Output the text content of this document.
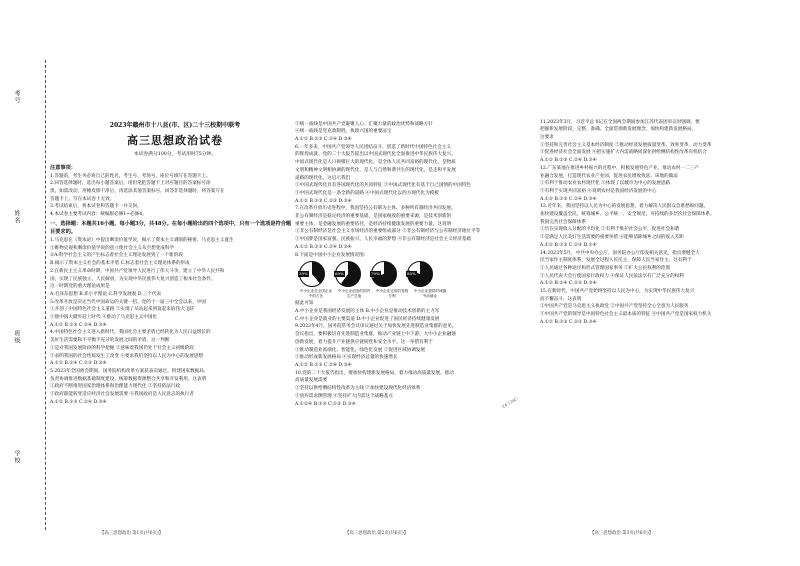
考号
姓名
班级
学校
2023年赣州市十八县(市、区)二十三校期中联考
高三思想政治试卷
本试卷满分100分，考试用时75分钟。
注意事项：
1.答题前，考生务必将自己的姓名、考生号、考场号、座位号填写在答题卡上。
2.回答选择题时，选出每小题答案后，用铅笔把答题卡上对应题目的答案标号涂
黑。如需改动，用橡皮擦干净后，再选涂其他答案标号。回答非选择题时，将答案写在
答题卡上。写在本试卷上无效。
3.考试结束后，将本试卷和答题卡一并交回。
4.本试卷主要考试内容：统编版必修1~必修4。
一、选择题：本题共16小题，每小题3分，共48分。在每小题给出的四个选项中，只有一个选项是符合题目要求的。
1.马克思在《资本论》中提出剩余价值学说，揭示了资本主义剥削的秘密。马克思主义诞生
①唯物史观和剩余价值学说的创立使社会主义从空想变成科学
②A.科学社会主义的产生标志着社会主义理论发展到了一个新阶段
B.揭示了资本主义社会的基本矛盾 C.标志着社会主义理论体系的形成
2.在新民主主义革命时期，中国共产党领导人民进行了伟大斗争，建立了中华人民共和
国，实现了民族独立、人民解放，为实现中华民族伟大复兴创造了根本社会条件。
这一时期党的重大理论成果是
A.毛泽东思想 B.邓小平理论 C.科学发展观 D.三个代表
3.改革开放是决定当代中国命运的关键一招。党的十一届三中全会以来，中国
①开创了中国特色社会主义道路 ②实现了从站起来到富起来的伟大飞跃
③使中国大踏步赶上时代 ④推动了马克思主义中国化
A.①② B.①③ C.②④ D.③④
4.中国特色社会主义进入新时代，我国社会主要矛盾已经转化为人民日益增长的
美好生活需要和不平衡不充分的发展之间的矛盾。这一判断
①是对我国发展阶段的科学把握 ②意味着我国仍处于社会主义初级阶段
③表明我国的社会性质发生了改变 ④要求我们坚持以人民为中心的发展思想
A.①② B.①④ C.②③ D.③④
5.2023年全国两会期间，国务院机构改革方案获表决通过。组建国家数据局，
负责协调推进数据基础制度建设，统筹数据资源整合共享和开发利用。这表明
①政府不断推进国家治理体系和治理能力现代化 ②坚持依法行政
③政府职能转变适应经济社会发展需要 ④我国政府是人民意志的执行者
A.①② B.①③ C.②④ D.③④
③统一战线是中国共产党凝聚人心、汇聚力量的政治优势和战略方针
④统一战线是党克敌制胜、执政兴国的重要法宝
A.①② B.①③ C.②④ D.③④
6.一年多来，中国共产党领导人民团结奋斗，创造了新时代中国特色社会主义
的辉煌成就。党的二十大报告提出以中国式现代化全面推进中华民族伟大复兴。
中国式现代化是人口规模巨大的现代化，是全体人民共同富裕的现代化，是物质
文明和精神文明相协调的现代化，是人与自然和谐共生的现代化，是走和平发展
道路的现代化。这启示我们
①中国式现代化具有各国现代化的共同特征 ②中国式现代化有基于自己国情的中国特色
③中国式现代化是一条全新的道路 ④中国式现代化以西方现代化为模板
A.①② B.①③ C.②③ D.③④
7.在改革开放历史进程中，我国坚持公有制为主体、多种所有制经济共同发展。
非公有制经济是稳定经济的重要基础，是国家税收的重要来源，是技术创新的
重要主体，是金融发展的重要依托，是经济持续健康发展的重要力量。这说明
①非公有制经济是社会主义市场经济的重要组成部分 ②非公有制经济与公有制经济地位平等
③中国梦是国家富强、民族振兴、人民幸福的梦想 ④非公有制经济是社会主义经济基础
A.①② B.①③ C.②④ D.③④
8.下面是中国中小企业发展情况图：
39%	60%	70%	80%
中小企业在全国企业中的占比
中小企业创造的国内生产总值
中小企业完成的发明专利
中小企业提供的城镇劳动就业
据此可知
A.中小企业是我国经济发展的主体 B.中小企业是推动技术创新的主力军
C.中小企业是就业的主要渠道 D.中小企业促进了国民经济持续健康发展
9.2023年4月，国务院常务会议审议通过关于加快发展先进制造业集群的意见。
会议指出，要积极培育先进制造业集群，推动产业链上中下游、大中小企业融通
创新发展，着力提升产业链供应链韧性和安全水平。这一举措有利于
①推动制造业高端化、智能化、绿色化发展 ②促进区域协调发展
③推动形成新发展格局 ④实现经济总量的快速增长
A.①② B.①③ C.②④ D.③④
10.党的二十大报告指出，要加快构建新发展格局，着力推动高质量发展。推动
高质量发展需要
①坚持以供给侧结构性改革为主线 ②加快建设现代化经济体系
③放弃需求侧管理 ④坚持扩大内需这个战略基点
A.①②④ B.①③ C.②③ D.③④
11.2023年3月，习近平总书记在全国两会期间参加江苏代表团审议时强调，要
把握新发展阶段，完整、准确、全面贯彻新发展理念，加快构建新发展格局。
这要求
①坚持和完善社会主义基本经济制度 ②推动经济发展质量变革、效率变革、动力变革
③促进经济社会全面发展 ④把实施扩大内需战略同深化供给侧结构性改革有机结合
A.①② B.①③ C.②④ D.③④
12.广东某地在推进乡村振兴的过程中，积极发展特色产业，推动农村一二三产
业融合发展，打造现代农业产业园，促进农民增收致富。该地的做法
①有利于推动农业农村现代化 ②体现了以城市为中心的发展思路
③有利于实现共同富裕 ④说明农村是我国经济发展的中心
A.①② B.①③ C.②④ D.③④
13.近年来，我国坚持以人民为中心的发展思想，着力解决人民群众急难愁盼问题。
加快建设覆盖全民、统筹城乡、公平统一、安全规范、可持续的多层次社会保障体系。
我国完善社会保障体系
①旨在实现收入分配的平均化 ②有利于维护社会公平，促进社会和谐
③是满足人民美好生活需要的重要举措 ④能够消除城乡之间的收入差距
A.①② B.①③ C.②③ D.②④
14.2023年5月，中共中央办公厅、国务院办公厅印发相关意见，指出要健全人
民当家作主制度体系，发展全过程人民民主，保障人民当家作主。这有利于
①人民通过各种途径和形式管理国家事务 ②扩大公民权利的范围
③人民代表大会行使国家行政权力 ④保证人民依法享有广泛充分的权利
A.①② B.①④ C.②③ D.③④
15.在新时代，中国共产党始终坚持以人民为中心，为实现中华民族伟大复兴
而不懈奋斗。这表明
①中国共产党是马克思主义执政党 ②中国共产党坚持全心全意为人民服务
③中国共产党的领导是中国特色社会主义最本质的特征 ④中国共产党是国家权力机关
A.①② B.①③ C.②③ D.③④
【高三思想政治 第1页(共6页)】	【高三思想政治 第2页(共6页)】	【高三思想政治 第3页(共6页)】
·24·126C·
